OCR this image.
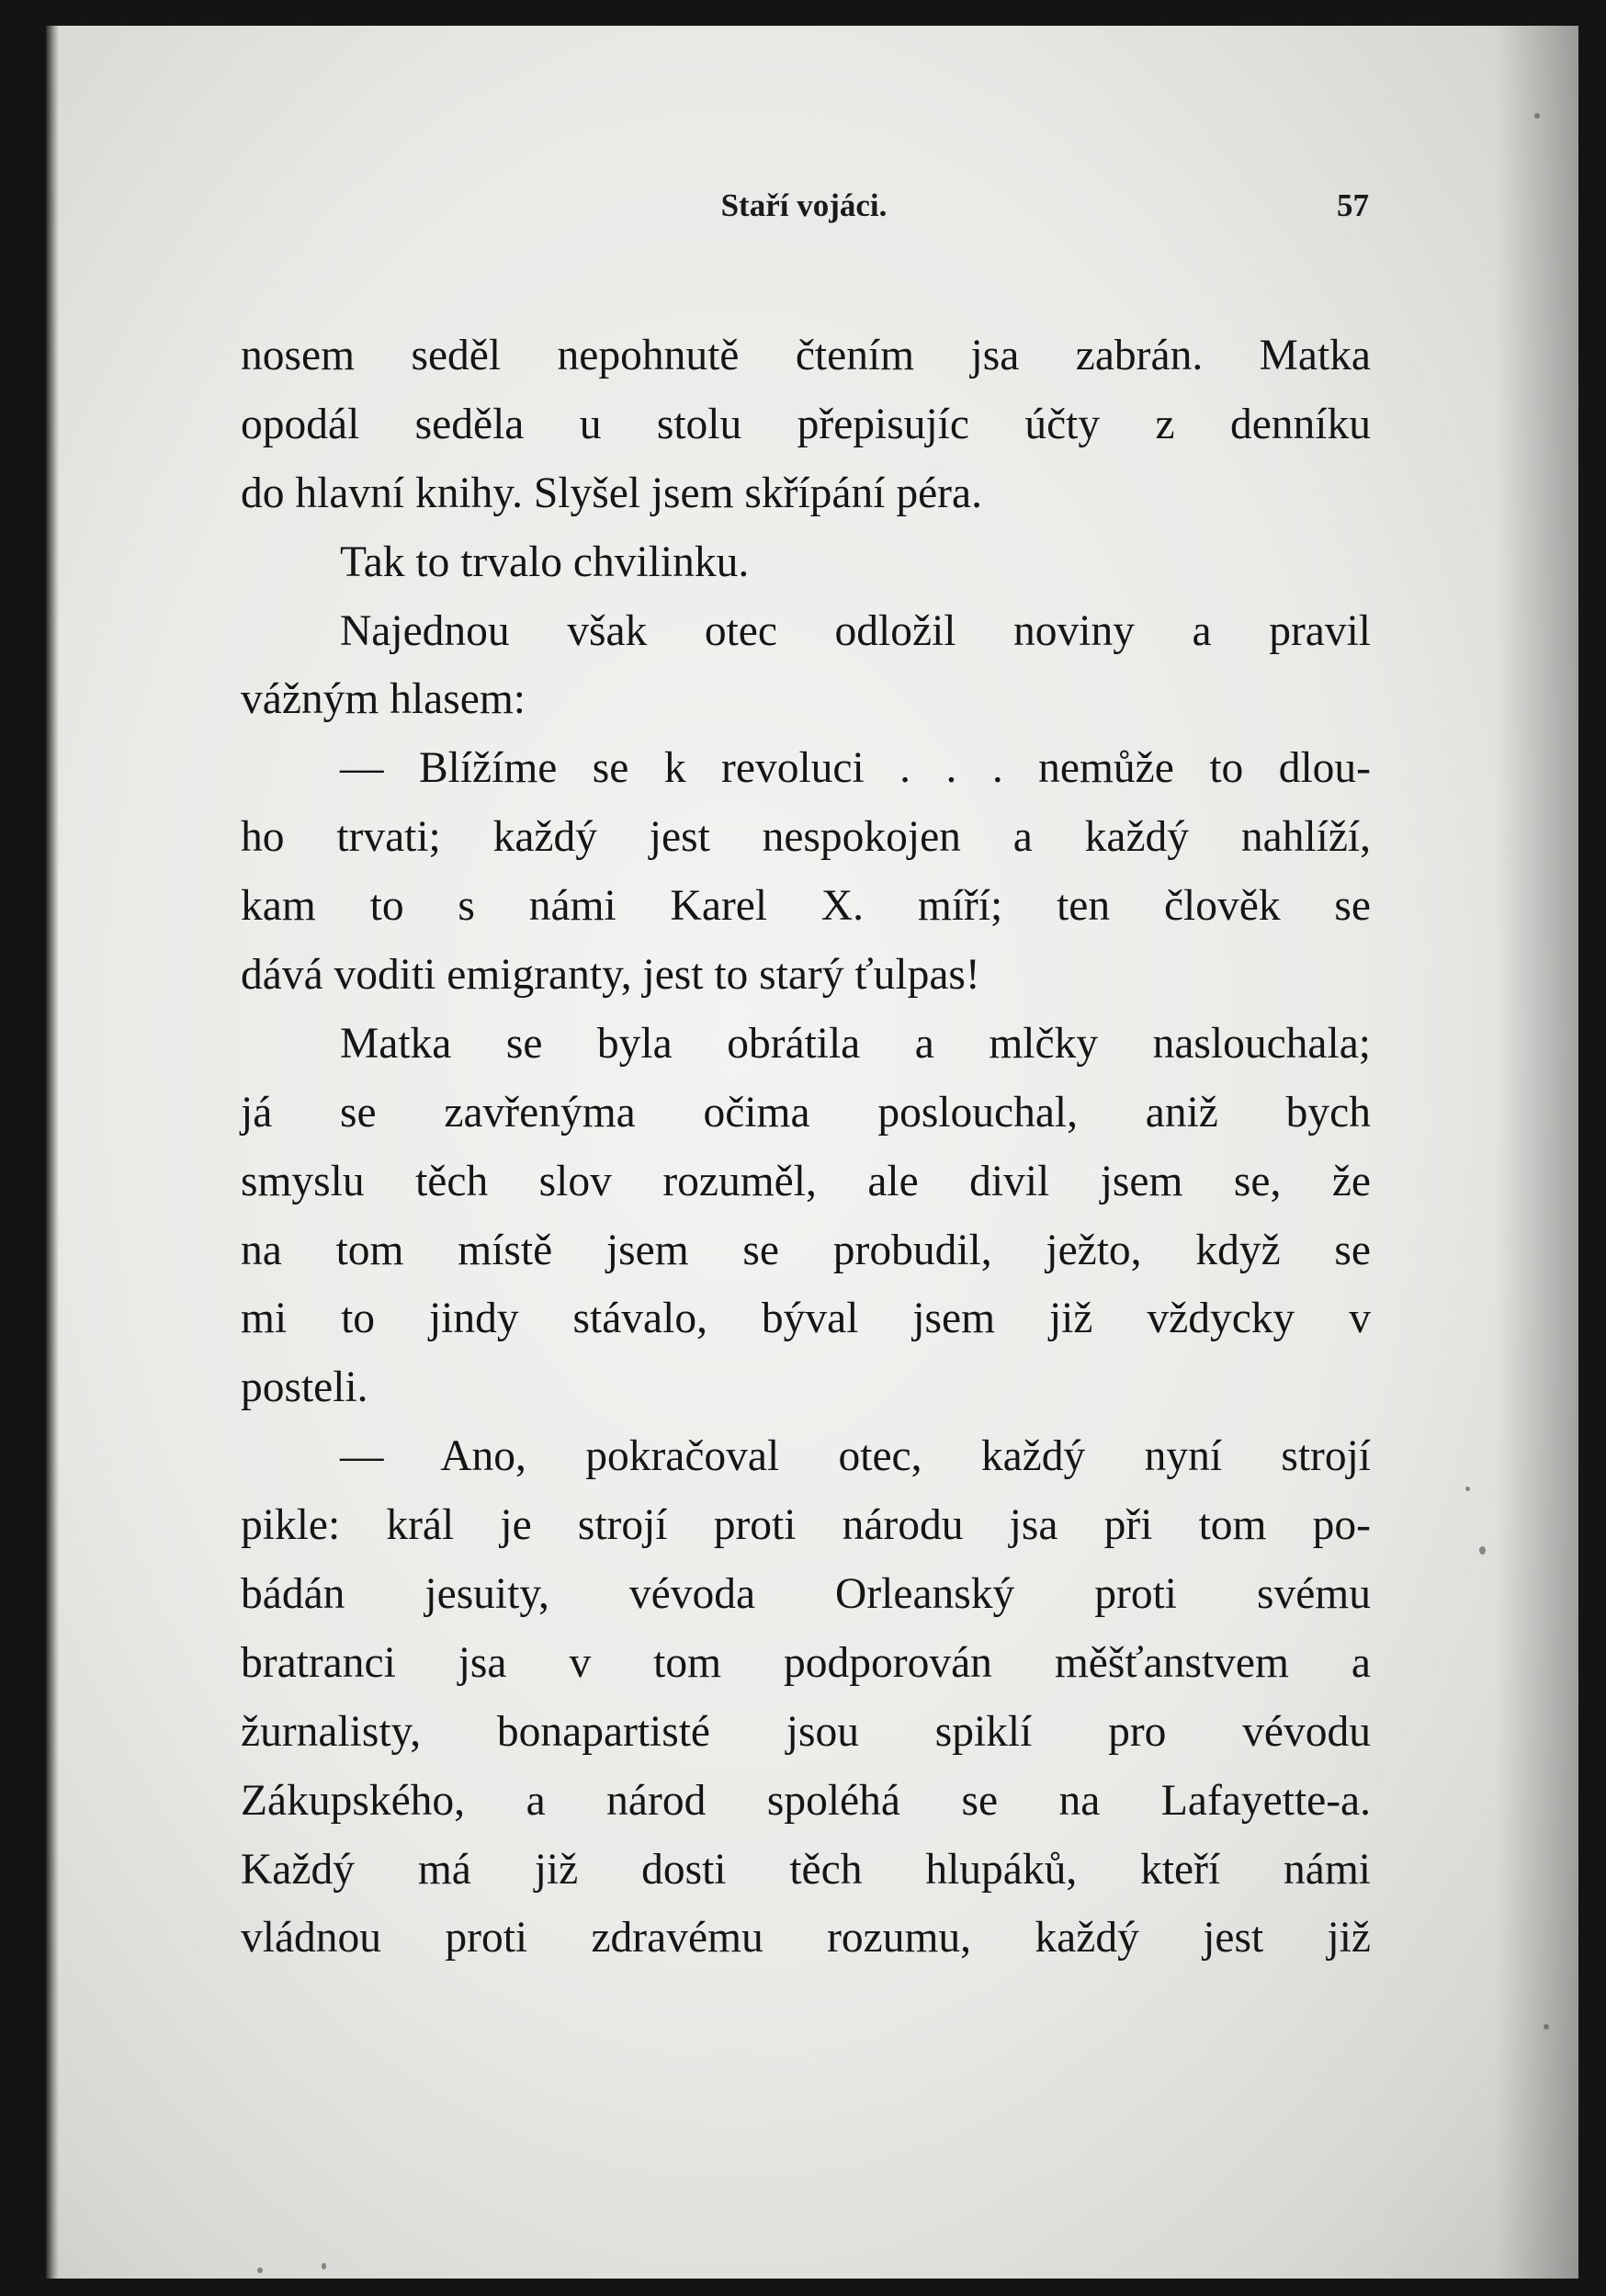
Staří vojáci.	57
nosem seděl nepohnutě čtením jsa zabrán. Matka
opodál seděla u stolu přepisujíc účty z denníku
do hlavní knihy. Slyšel jsem skřípání péra.
Tak to trvalo chvilinku.
Najednou však otec odložil noviny a pravil
vážným hlasem:
— Blížíme se k revoluci . . . nemůže to dlou-
ho trvati; každý jest nespokojen a každý nahlíží,
kam to s námi Karel X. míří; ten člověk se
dává voditi emigranty, jest to starý ťulpas!
Matka se byla obrátila a mlčky naslouchala;
já se zavřenýma očima poslouchal, aniž bych
smyslu těch slov rozuměl, ale divil jsem se, že
na tom místě jsem se probudil, ježto, když se
mi to jindy stávalo, býval jsem již vždycky v
posteli.
— Ano, pokračoval otec, každý nyní strojí
pikle: král je strojí proti národu jsa při tom po-
bádán jesuity, vévoda Orleanský proti svému
bratranci jsa v tom podporován měšťanstvem a
žurnalisty, bonapartisté jsou spiklí pro vévodu
Zákupského, a národ spoléhá se na Lafayette-a.
Každý má již dosti těch hlupáků, kteří námi
vládnou proti zdravému rozumu, každý jest již
